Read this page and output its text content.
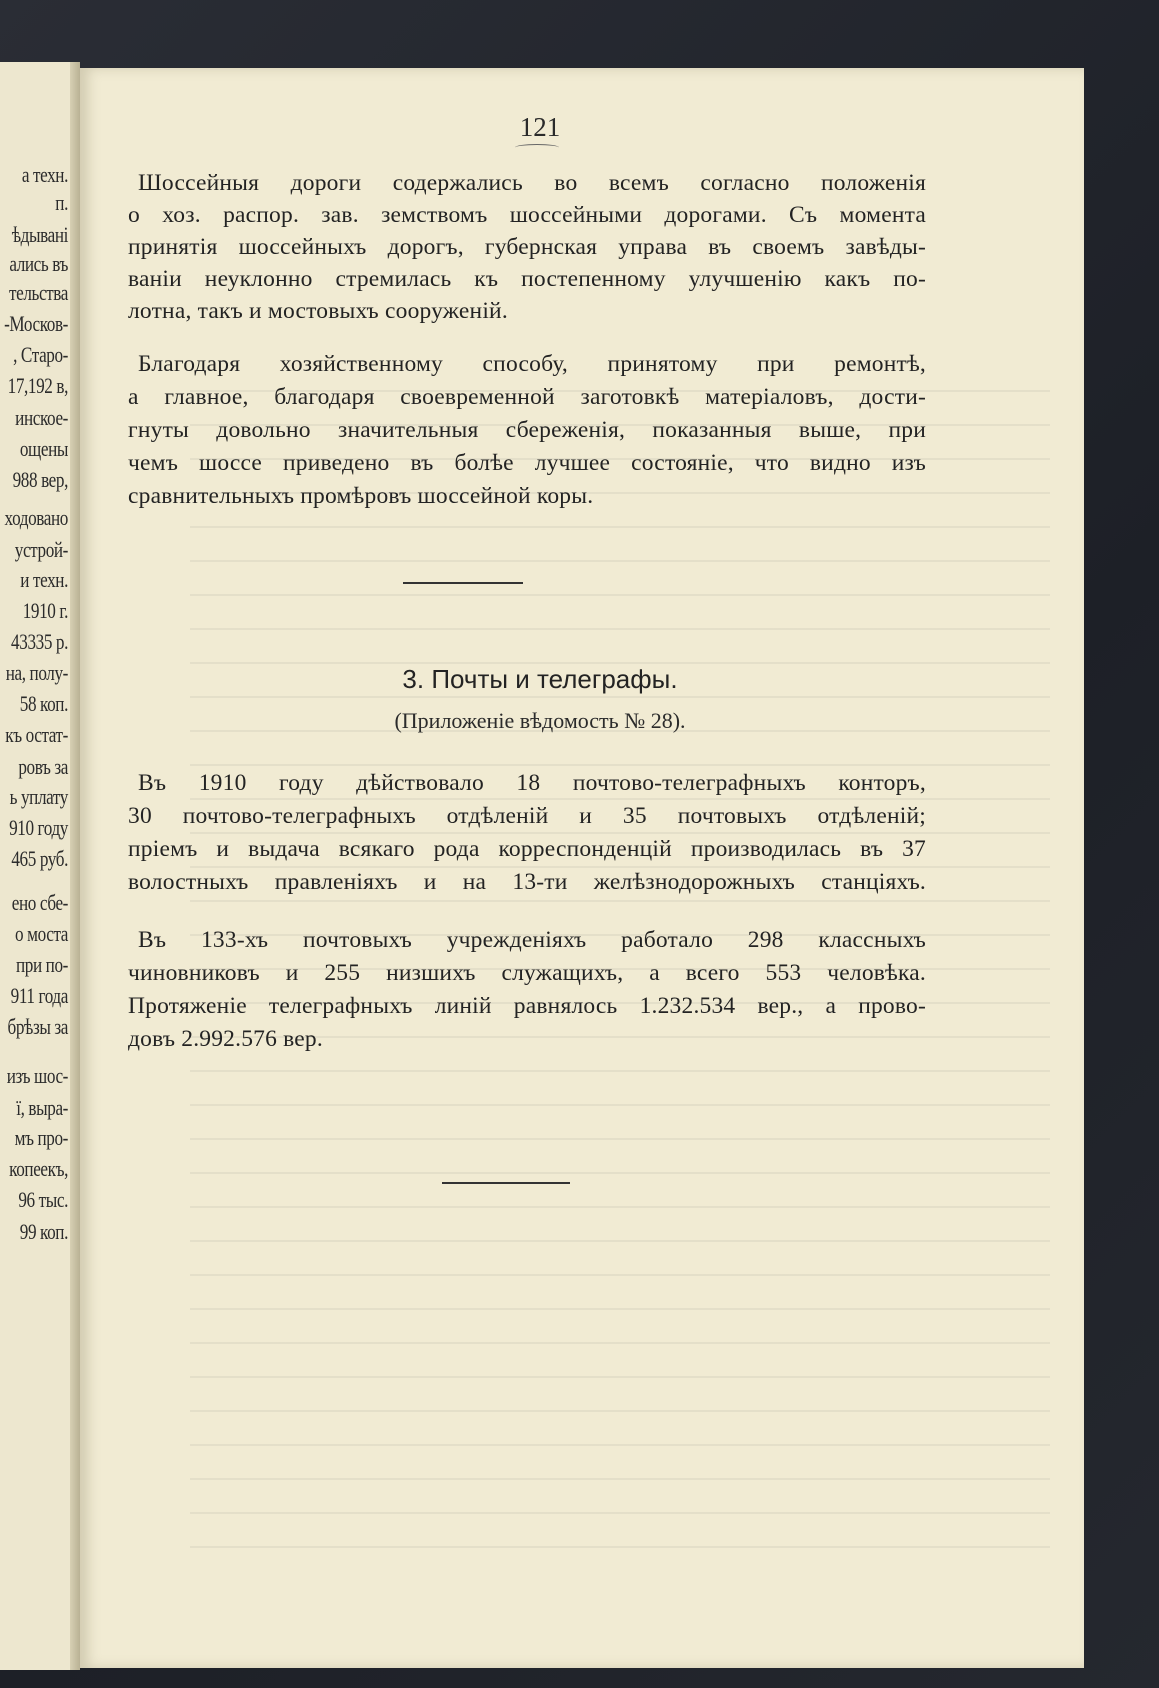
а техн.
п.
ѣдывані
ались въ
тельства
-Москов-
, Старо-
17,192 в,
инское-
ощены
988 вер,
ходовано
устрой-
и техн.
1910 г.
43335 р.
на, полу-
58 коп.
къ остат-
ровъ за
ь уплату
910 году
465 руб.
ено сбе-
о моста
при по-
911 года
брѣзы за
изъ шос-
ї, выра-
мъ про-
копеекъ,
96 тыс.
99 коп.
121
Шоссейныя дороги содержались во всемъ согласно положенія
о хоз. распор. зав. земствомъ шоссейными дорогами. Съ момента
принятія шоссейныхъ дорогъ, губернская управа въ своемъ завѣды-
ваніи неуклонно стремилась къ постепенному улучшенію какъ по-
лотна, такъ и мостовыхъ сооруженій.
Благодаря хозяйственному способу, принятому при ремонтѣ,
а главное, благодаря своевременной заготовкѣ матеріаловъ, дости-
гнуты довольно значительныя сбереженія, показанныя выше, при
чемъ шоссе приведено въ болѣе лучшее состояніе, что видно изъ
сравнительныхъ промѣровъ шоссейной коры.
3. Почты и телеграфы.
(Приложеніе вѣдомость № 28).
Въ 1910 году дѣйствовало 18 почтово-телеграфныхъ конторъ,
30 почтово-телеграфныхъ отдѣленій и 35 почтовыхъ отдѣленій;
пріемъ и выдача всякаго рода корреспонденцій производилась въ 37
волостныхъ правленіяхъ и на 13-ти желѣзнодорожныхъ станціяхъ.
Въ 133-хъ почтовыхъ учрежденіяхъ работало 298 классныхъ
чиновниковъ и 255 низшихъ служащихъ, а всего 553 человѣка.
Протяженіе телеграфныхъ линій равнялось 1.232.534 вер., а прово-
довъ 2.992.576 вер.
